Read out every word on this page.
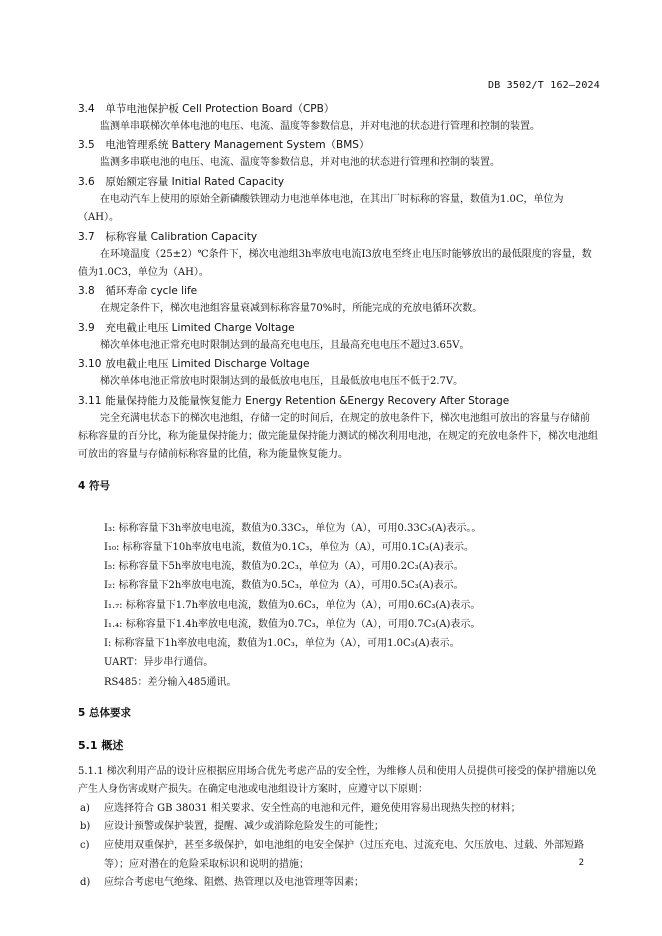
DB 3502/T 162—2024
3.4 单节电池保护板 Cell Protection Board（CPB）

监测单串联梯次单体电池的电压、电流、温度等参数信息，并对电池的状态进行管理和控制的装置。

3.5 电池管理系统 Battery Management System（BMS）

监测多串联电池的电压、电流、温度等参数信息，并对电池的状态进行管理和控制的装置。

3.6 原始额定容量 Initial Rated Capacity

在电动汽车上使用的原始全新磷酸铁锂动力电池单体电池，在其出厂时标称的容量，数值为1.0C，单位为（AH）。

3.7 标称容量 Calibration Capacity

在环境温度（25±2）℃条件下，梯次电池组3h率放电电流I3放电至终止电压时能够放出的最低限度的容量，数值为1.0C3，单位为（AH）。

3.8 循环寿命 cycle life

在规定条件下，梯次电池组容量衰减到标称容量70%时，所能完成的充放电循环次数。

3.9 充电截止电压 Limited Charge Voltage

梯次单体电池正常充电时限制达到的最高充电电压，且最高充电电压不超过3.65V。

3.10 放电截止电压 Limited Discharge Voltage

梯次单体电池正常放电时限制达到的最低放电电压，且最低放电电压不低于2.7V。

3.11 能量保持能力及能量恢复能力 Energy Retention &Energy Recovery After Storage

完全充满电状态下的梯次电池组，存储一定的时间后，在规定的放电条件下，梯次电池组可放出的容量与存储前标称容量的百分比，称为能量保持能力；做完能量保持能力测试的梯次利用电池，在规定的充放电条件下，梯次电池组可放出的容量与存储前标称容量的比值，称为能量恢复能力。

4 符号
I₃: 标称容量下3h率放电电流，数值为0.33C₃，单位为（A），可用0.33C₃(A)表示。。
I₁₀: 标称容量下10h率放电电流，数值为0.1C₃，单位为（A），可用0.1C₃(A)表示。
I₅: 标称容量下5h率放电电流，数值为0.2C₃，单位为（A），可用0.2C₃(A)表示。
I₂: 标称容量下2h率放电电流，数值为0.5C₃，单位为（A），可用0.5C₃(A)表示。
I₁.₇: 标称容量下1.7h率放电电流，数值为0.6C₃，单位为（A），可用0.6C₃(A)表示。
I₁.₄: 标称容量下1.4h率放电电流，数值为0.7C₃，单位为（A），可用0.7C₃(A)表示。
I: 标称容量下1h率放电电流，数值为1.0C₃，单位为（A），可用1.0C₃(A)表示。
UART：异步串行通信。
RS485：差分输入485通讯。
5 总体要求
5.1 概述

5.1.1 梯次利用产品的设计应根据应用场合优先考虑产品的安全性，为维修人员和使用人员提供可接受的保护措施以免产生人身伤害或财产损失。在确定电池或电池组设计方案时，应遵守以下原则：

a)	应选择符合 GB 38031 相关要求、安全性高的电池和元件，避免使用容易出现热失控的材料；
b)	应设计预警或保护装置，提醒、减少或消除危险发生的可能性；
c)	应使用双重保护，甚至多级保护，如电池组的电安全保护（过压充电、过流充电、欠压放电、过载、外部短路等）；应对潜在的危险采取标识和说明的措施；
d)	应综合考虑电气绝缘、阻燃、热管理以及电池管理等因素；
2
